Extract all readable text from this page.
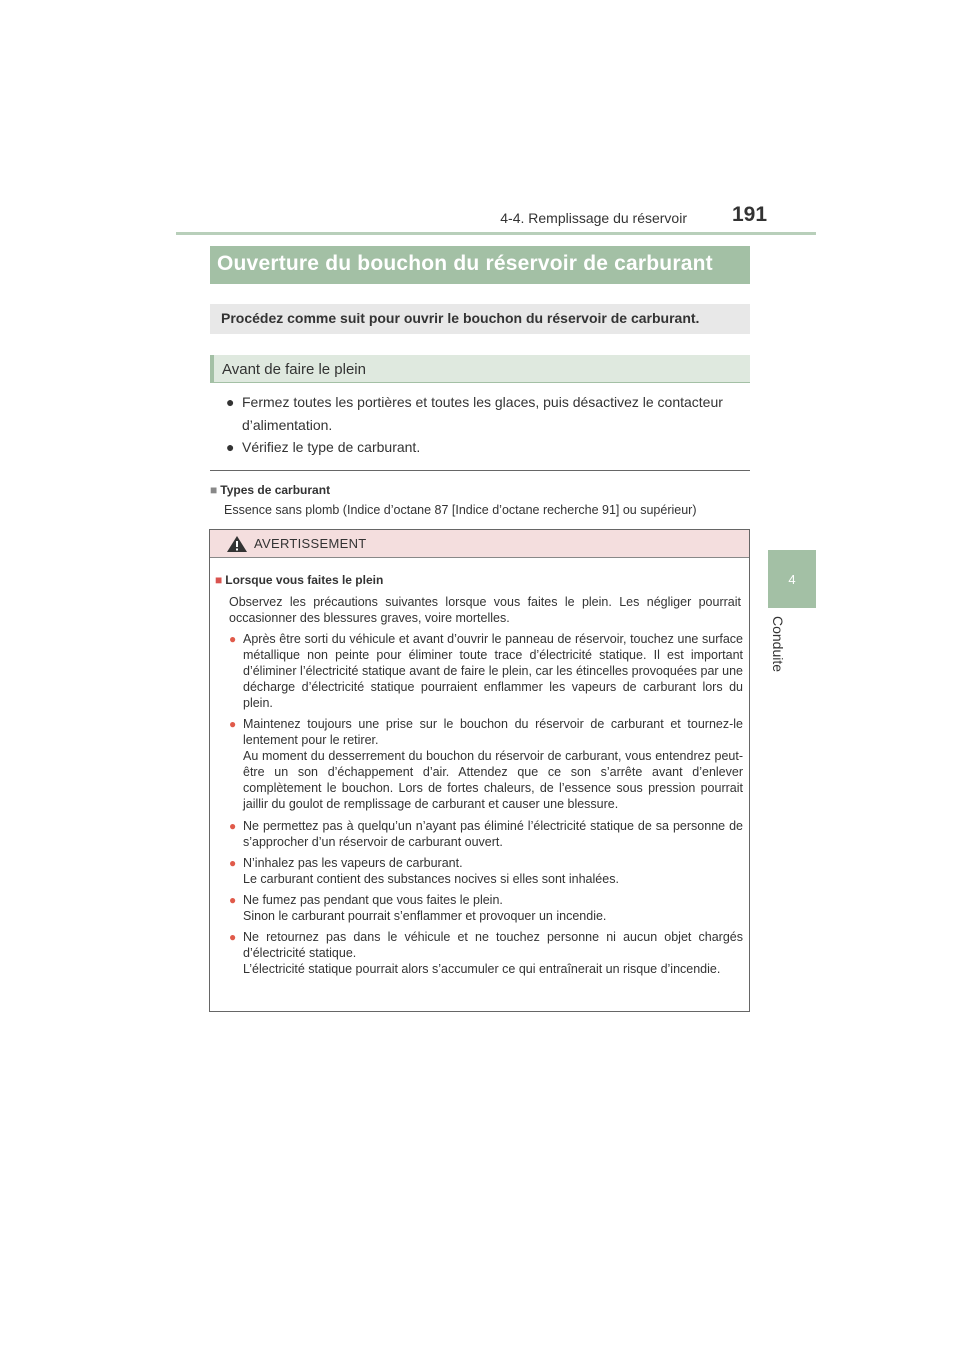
4-4. Remplissage du réservoir 191
4
Conduite
Ouverture du bouchon du réservoir de carburant
Procédez comme suit pour ouvrir le bouchon du réservoir de carburant.
Avant de faire le plein
● Fermez toutes les portières et toutes les glaces, puis désactivez le contacteur d’alimentation.
● Vérifiez le type de carburant.
■ Types de carburant
Essence sans plomb (Indice d’octane 87 [Indice d’octane recherche 91] ou supérieur)
AVERTISSEMENT
■ Lorsque vous faites le plein
Observez les précautions suivantes lorsque vous faites le plein. Les négliger pourrait occasionner des blessures graves, voire mortelles.
● Après être sorti du véhicule et avant d’ouvrir le panneau de réservoir, touchez une surface métallique non peinte pour éliminer toute trace d’électricité statique. Il est important d’éliminer l’électricité statique avant de faire le plein, car les étincelles provoquées par une décharge d’électricité statique pourraient enflammer les vapeurs de carburant lors du plein.
● Maintenez toujours une prise sur le bouchon du réservoir de carburant et tournez-le lentement pour le retirer.
Au moment du desserrement du bouchon du réservoir de carburant, vous entendrez peut-être un son d’échappement d’air. Attendez que ce son s’arrête avant d’enlever complètement le bouchon. Lors de fortes chaleurs, de l’essence sous pression pourrait jaillir du goulot de remplissage de carburant et causer une blessure.
● Ne permettez pas à quelqu’un n’ayant pas éliminé l’électricité statique de sa personne de s’approcher d’un réservoir de carburant ouvert.
● N’inhalez pas les vapeurs de carburant.
Le carburant contient des substances nocives si elles sont inhalées.
● Ne fumez pas pendant que vous faites le plein.
Sinon le carburant pourrait s’enflammer et provoquer un incendie.
● Ne retournez pas dans le véhicule et ne touchez personne ni aucun objet chargés d’électricité statique.
L’électricité statique pourrait alors s’accumuler ce qui entraînerait un risque d’incendie.
